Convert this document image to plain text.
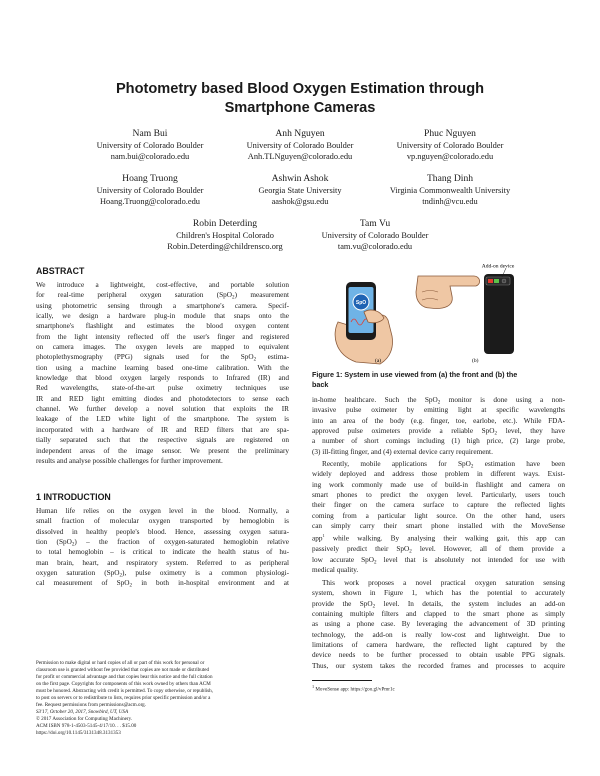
Photometry based Blood Oxygen Estimation through
Smartphone Cameras
Nam Bui
University of Colorado Boulder
nam.bui@colorado.edu
Anh Nguyen
University of Colorado Boulder
Anh.TLNguyen@colorado.edu
Phuc Nguyen
University of Colorado Boulder
vp.nguyen@colorado.edu
Hoang Truong
University of Colorado Boulder
Hoang.Truong@colorado.edu
Ashwin Ashok
Georgia State University
aashok@gsu.edu
Thang Dinh
Virginia Commonwealth University
tndinh@vcu.edu
Robin Deterding
Children's Hospital Colorado
Robin.Deterding@childrensco.org
Tam Vu
University of Colorado Boulder
tam.vu@colorado.edu
ABSTRACT
We introduce a lightweight, cost-effective, and portable solution
for real-time peripheral oxygen saturation (SpO$_2$) measurement
using photometric sensing through a smartphone's camera. Specif-
ically, we design a hardware plug-in module that snaps onto the
smartphone's flashlight and estimates the blood oxygen content
from the light intensity reflected off the user's finger and registered
on camera images. The oxygen levels are mapped to equivalent
photoplethysmography (PPG) signals used for the SpO$_2$ estima-
tion using a machine learning based one-time calibration. With the
knowledge that blood oxygen largely responds to Infrared (IR) and
Red wavelengths, state-of-the-art pulse oximetry techniques use
IR and RED light emitting diodes and photodetectors to sense each
channel. We further develop a novel solution that exploits the IR
leakage of the LED white light of the smartphone. The system is
incorporated with a hardware of IR and RED filters that are spa-
tially separated such that the respective signals are registered on
independent areas of the image sensor. We present the preliminary
results and analyse possible challenges for further improvement.
1 INTRODUCTION
Human life relies on the oxygen level in the blood. Normally, a
small fraction of molecular oxygen transported by hemoglobin is
dissolved in healthy people's blood. Hence, assessing oxygen satura-
tion (SpO$_2$) – the fraction of oxygen-saturated hemoglobin relative
to total hemoglobin – is critical to indicate the health status of hu-
man brain, heart, and respiratory system. Referred to as peripheral
oxygen saturation (SpO$_2$), pulse oximetry is a common physiologi-
cal measurement of SpO$_2$ in both in-hospital environment and at
Permission to make digital or hard copies of all or part of this work for personal or
classroom use is granted without fee provided that copies are not made or distributed
for profit or commercial advantage and that copies bear this notice and the full citation
on the first page. Copyrights for components of this work owned by others than ACM
must be honored. Abstracting with credit is permitted. To copy otherwise, or republish,
to post on servers or to redistribute to lists, requires prior specific permission and/or a
fee. Request permissions from permissions@acm.org.
S3'17, October 20, 2017, Snowbird, UT, USA
© 2017 Association for Computing Machinery.
ACM ISBN 978-1-4503-5145-4/17/10. . . $15.00
https://doi.org/10.1145/3131348.3131353
SpO
(a)
Add-on device
(b)
Figure 1: System in use viewed from (a) the front and (b) the
back
in-home healthcare. Such the SpO$_2$ monitor is done using a non-
invasive pulse oximeter by emitting light at specific wavelengths
into an area of the body (e.g. finger, toe, earlobe, etc.). While FDA-
approved pulse oximeters provide a reliable SpO$_2$ level, they have
a number of short comings including (1) high price, (2) large probe,
(3) ill-fitting finger, and (4) external device carry requirement.
Recently, mobile applications for SpO$_2$ estimation have been
widely deployed and address those problem in different ways. Exist-
ing work commonly made use of build-in flashlight and camera on
smart phones to predict the oxygen level. Particularly, users touch
their finger on the camera surface to capture the reflected lights
coming from a particular light source. On the other hand, users
can simply carry their smart phone installed with the MoveSense
app$^1$ while walking. By analysing their walking gait, this app can
passively predict their SpO$_2$ level. However, all of them provide a
low accurate SpO$_2$ level that is absolutely not intended for use with
medical quality.
This work proposes a novel practical oxygen saturation sensing
system, shown in Figure 1, which has the potential to accurately
provide the SpO$_2$ level. In details, the system includes an add-on
containing multiple filters and clapped to the smart phone as simply
as using a phone case. By leveraging the advancement of 3D printing
technology, the add-on is really low-cost and lightweight. Due to
limitations of camera hardware, the reflected light captured by the
device needs to be further processed to obtain usable PPG signals.
Thus, our system takes the recorded frames and processes to acquire
$^1$ MoveSense app: https://goo.gl/vPmr1c
